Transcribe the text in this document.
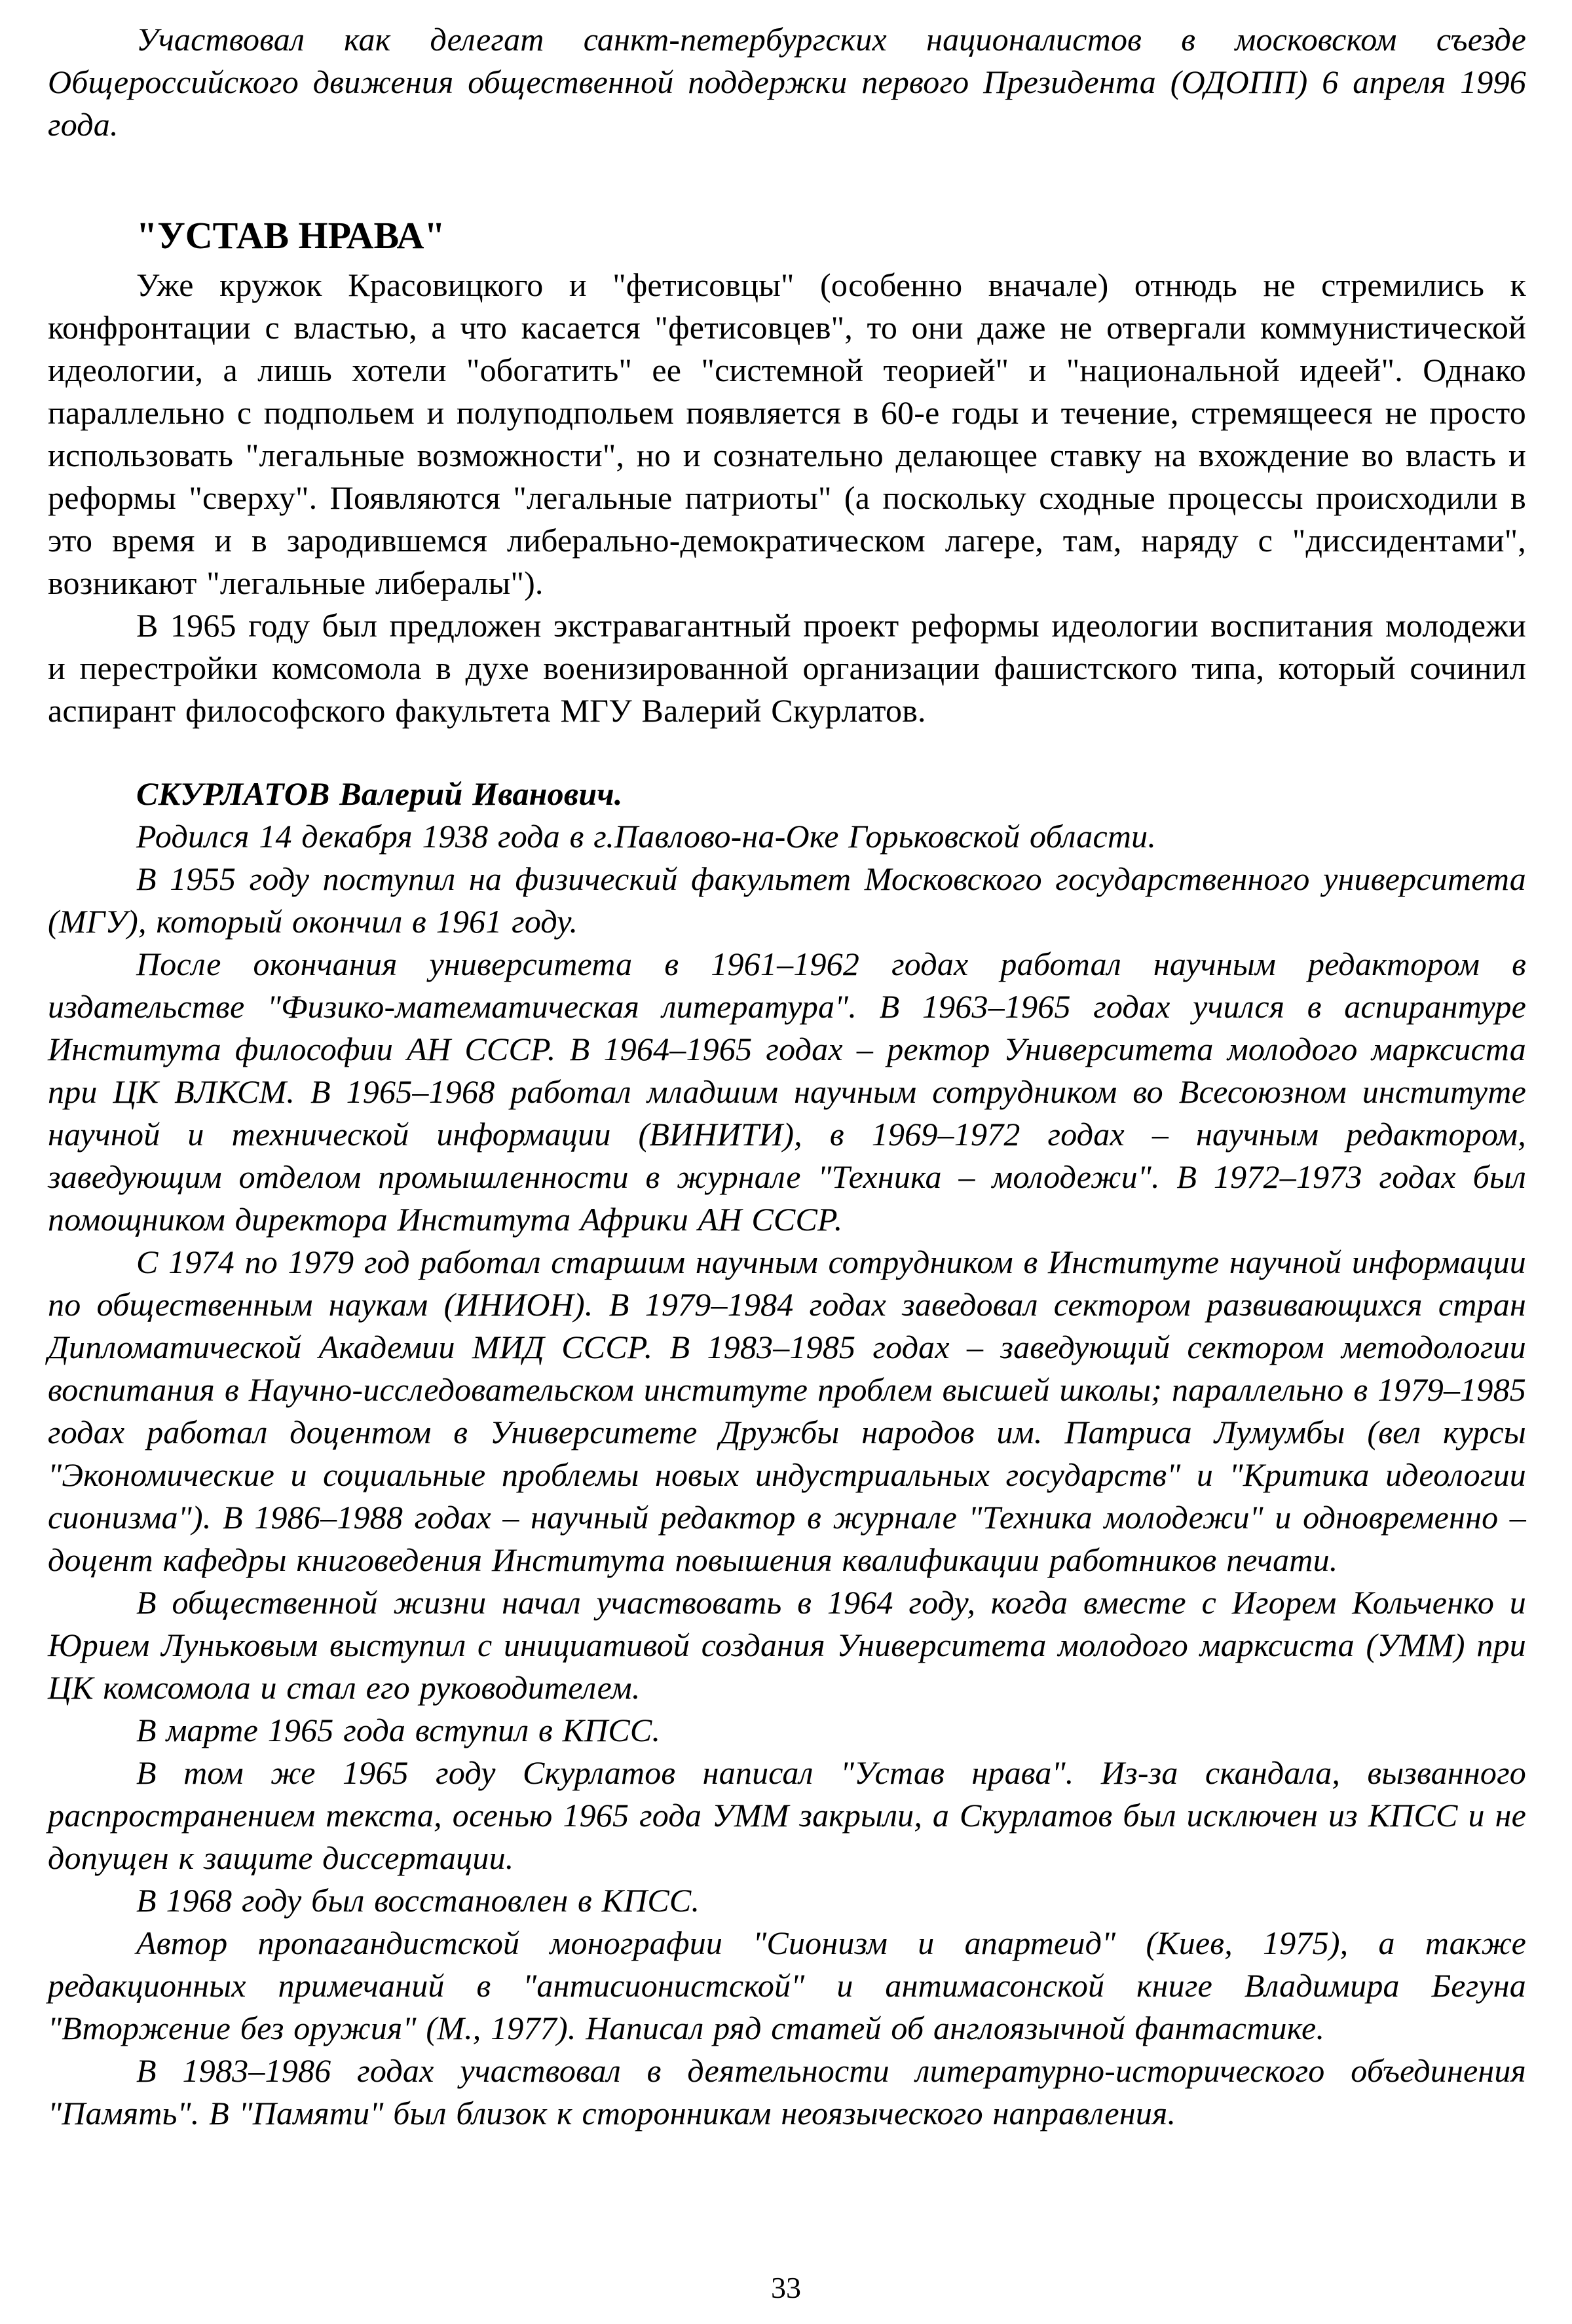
Участвовал как делегат санкт-петербургских националистов в московском съезде Общероссийского движения общественной поддержки первого Президента (ОДОПП) 6 апреля 1996 года.

"УСТАВ НРАВА"

Уже кружок Красовицкого и "фетисовцы" (особенно вначале) отнюдь не стремились к конфронтации с властью, а что касается "фетисовцев", то они даже не отвергали коммунистической идеологии, а лишь хотели "обогатить" ее "системной теорией" и "национальной идеей". Однако параллельно с подпольем и полуподпольем появляется в 60-е годы и течение, стремящееся не просто использовать "легальные возможности", но и сознательно делающее ставку на вхождение во власть и реформы "сверху". Появляются "легальные патриоты" (а поскольку сходные процессы происходили в это время и в зародившемся либерально-демократическом лагере, там, наряду с "диссидентами", возникают "легальные либералы").

В 1965 году был предложен экстравагантный проект реформы идеологии воспитания молодежи и перестройки комсомола в духе военизированной организации фашистского типа, который сочинил аспирант философского факультета МГУ Валерий Скурлатов.

СКУРЛАТОВ Валерий Иванович.

Родился 14 декабря 1938 года в г.Павлово-на-Оке Горьковской области.

В 1955 году поступил на физический факультет Московского государственного университета (МГУ), который окончил в 1961 году.

После окончания университета в 1961–1962 годах работал научным редактором в издательстве "Физико-математическая литература". В 1963–1965 годах учился в аспирантуре Института философии АН СССР. В 1964–1965 годах – ректор Университета молодого марксиста при ЦК ВЛКСМ. В 1965–1968 работал младшим научным сотрудником во Всесоюзном институте научной и технической информации (ВИНИТИ), в 1969–1972 годах – научным редактором, заведующим отделом промышленности в журнале "Техника – молодежи". В 1972–1973 годах был помощником директора Института Африки АН СССР.

С 1974 по 1979 год работал старшим научным сотрудником в Институте научной информации по общественным наукам (ИНИОН). В 1979–1984 годах заведовал сектором развивающихся стран Дипломатической Академии МИД СССР. В 1983–1985 годах – заведующий сектором методологии воспитания в Научно-исследовательском институте проблем высшей школы; параллельно в 1979–1985 годах работал доцентом в Университете Дружбы народов им. Патриса Лумумбы (вел курсы "Экономические и социальные проблемы новых индустриальных государств" и "Критика идеологии сионизма"). В 1986–1988 годах – научный редактор в журнале "Техника молодежи" и одновременно – доцент кафедры книговедения Института повышения квалификации работников печати.

В общественной жизни начал участвовать в 1964 году, когда вместе с Игорем Кольченко и Юрием Луньковым выступил с инициативой создания Университета молодого марксиста (УММ) при ЦК комсомола и стал его руководителем.

В марте 1965 года вступил в КПСС.

В том же 1965 году Скурлатов написал "Устав нрава". Из-за скандала, вызванного распространением текста, осенью 1965 года УММ закрыли, а Скурлатов был исключен из КПСС и не допущен к защите диссертации.

В 1968 году был восстановлен в КПСС.

Автор пропагандистской монографии "Сионизм и апартеид" (Киев, 1975), а также редакционных примечаний в "антисионистской" и антимасонской книге Владимира Бегуна "Вторжение без оружия" (М., 1977). Написал ряд статей об англоязычной фантастике.

В 1983–1986 годах участвовал в деятельности литературно-исторического объединения "Память". В "Памяти" был близок к сторонникам неоязыческого направления.

33
